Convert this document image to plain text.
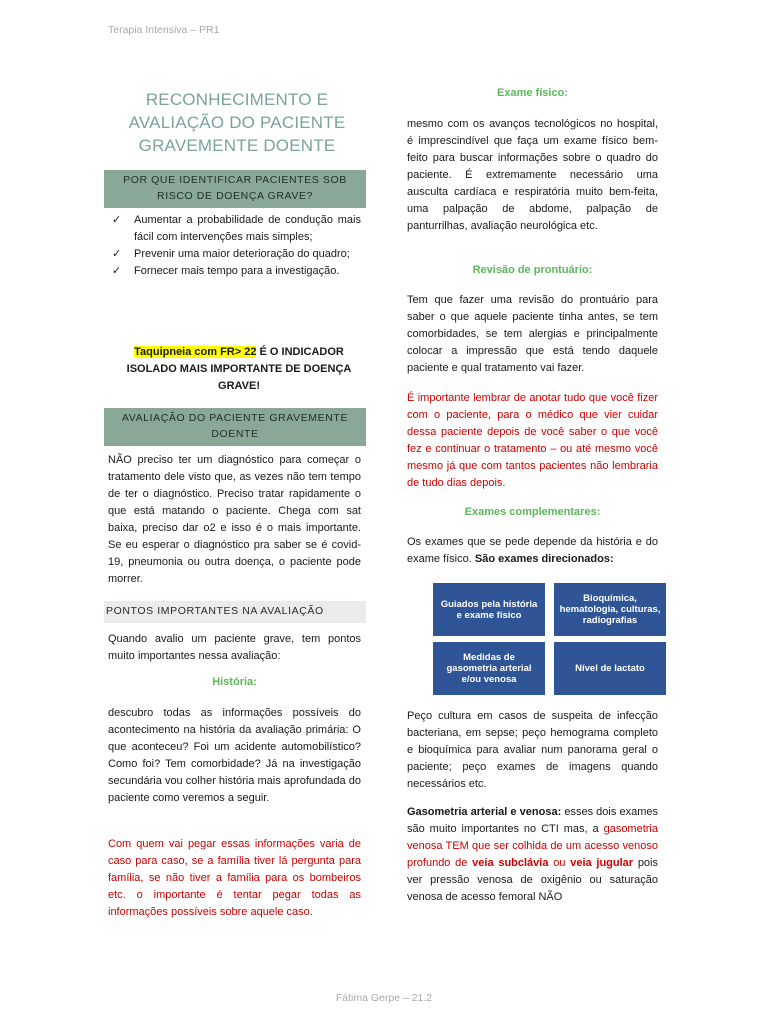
Terapia Intensiva – PR1
RECONHECIMENTO E AVALIAÇÃO DO PACIENTE GRAVEMENTE DOENTE
POR QUE IDENTIFICAR PACIENTES SOB RISCO DE DOENÇA GRAVE?
✓ Aumentar a probabilidade de condução mais fácil com intervenções mais simples;
✓ Prevenir uma maior deterioração do quadro;
✓ Fornecer mais tempo para a investigação.
Taquipneia com FR> 22 É O INDICADOR ISOLADO MAIS IMPORTANTE DE DOENÇA GRAVE!
AVALIAÇÃO DO PACIENTE GRAVEMENTE DOENTE
NÃO preciso ter um diagnóstico para começar o tratamento dele visto que, as vezes não tem tempo de ter o diagnóstico. Preciso tratar rapidamente o que está matando o paciente. Chega com sat baixa, preciso dar o2 e isso é o mais importante. Se eu esperar o diagnóstico pra saber se é covid-19, pneumonia ou outra doença, o paciente pode morrer.
PONTOS IMPORTANTES NA AVALIAÇÃO
Quando avalio um paciente grave, tem pontos muito importantes nessa avaliação:
História:
descubro todas as informações possíveis do acontecimento na história da avaliação primária: O que aconteceu? Foi um acidente automobilístico? Como foi? Tem comorbidade? Já na investigação secundária vou colher história mais aprofundada do paciente como veremos a seguir.
Com quem vai pegar essas informações varia de caso para caso, se a família tiver lá pergunta para família, se não tiver a família para os bombeiros etc. o importante é tentar pegar todas as informações possíveis sobre aquele caso.
Exame físico:
mesmo com os avanços tecnológicos no hospital, é imprescindível que faça um exame físico bem-feito para buscar informações sobre o quadro do paciente. É extremamente necessário uma ausculta cardíaca e respiratória muito bem-feita, uma palpação de abdome, palpação de panturrilhas, avaliação neurológica etc.
Revisão de prontuário:
Tem que fazer uma revisão do prontuário para saber o que aquele paciente tinha antes, se tem comorbidades, se tem alergias e principalmente colocar a impressão que está tendo daquele paciente e qual tratamento vai fazer.
É importante lembrar de anotar tudo que você fizer com o paciente, para o médico que vier cuidar dessa paciente depois de você saber o que você fez e continuar o tratamento – ou até mesmo você mesmo já que com tantos pacientes não lembraria de tudo dias depois.
Exames complementares:
Os exames que se pede depende da história e do exame físico. São exames direcionados:
Guiados pela história e exame físico
Bioquímica, hematologia, culturas, radiografias
Medidas de gasometria arterial e/ou venosa
Nível de lactato
Peço cultura em casos de suspeita de infecção bacteriana, em sepse; peço hemograma completo e bioquímica para avaliar num panorama geral o paciente; peço exames de imagens quando necessários etc.
Gasometria arterial e venosa: esses dois exames são muito importantes no CTI mas, a gasometria venosa TEM que ser colhida de um acesso venoso profundo de veia subclávia ou veia jugular pois ver pressão venosa de oxigênio ou saturação venosa de acesso femoral NÃO
Fátima Gerpe – 21.2
